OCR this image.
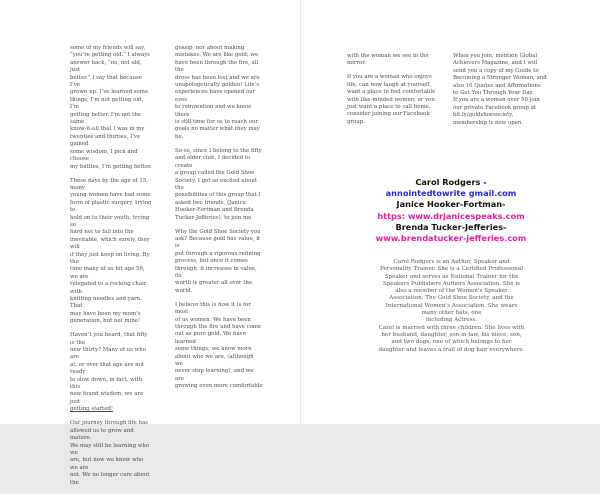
some of my friends will say,
“you’re getting old.” I always
answer back, “no, not old, just
better.” I say that because I’ve
grown up. I’ve learned some
things, I’m not getting old, I’m
getting better. I’m not the same
know-it-all that I was in my
twenties and thirties, I’ve gained
some wisdom, I pick and choose
my battles, I’m getting better.

These days by the age of 15, many
young women have had some
form of plastic surgery, trying to
hold on to their youth, trying so
hard not to fall into the
inevitable, which surely, they will
if they just keep on living. By the
time many of us hit age 50, we are
relegated to a rocking chair with
knitting needles and yarn. That
may have been my mom’s
generation, but not mine!

Haven’t you heard, that fifty is the
new thirty? Many of us who are
at, or over that age are not ready
to slow down, in fact, with this
new found wisdom, we are just
getting started!

Our journey through life has
allowed us to grow and mature.
We may still be learning who we
are, but now we know who we are
not. We no longer care about the

gossip, nor about making
mistakes. We are like gold; we
have been through the fire, all the
dross has been lost and we are
unapologetically golden! Life’s
experiences have opened our eyes
to reinvention and we know there
is still time for us to reach our
goals no matter what they may
be.

So-so, since I belong to the fifty
and older club, I decided to create
a group called the Gold Shoe
Society. I got so excited about the
possibilities of this group that I
asked two friends, (Janice
Hooker-Fortman and Brenda
Tucker-Jefferies), to join me.

Why the Gold Shoe Society you
ask? Because gold has value, it is
put through a rigorous refining
process, but once it comes
through, it increases in value, its
worth is greater all over the
world.

I believe this is how it is for most
of us women. We have been
through the fire and have come
out as pure gold. We have learned
some things; we know more
about who we are, (although we
never stop learning), and we are
growing even more comfortable

with the woman we see in the
mirror.

If you are a woman who enjoys
life, can now laugh at yourself,
want a place to feel comfortable
with like-minded women, or you
just want a place to call home,
consider joining our Facebook
group.

When you join, mention Global
Achievers Magazine, and I will
send you a copy of my Guide to
Becoming a Stronger Woman, and
also 10 Quotes and Affirmations
to Get You Through Your Day.
If you are a woman over 50 join
our private Facebook group at
bit.ly/goldshoesociety,
membership is now open.

Carol Rodgers -
annointedtowrite gmail.com
Janice Hooker-Fortman-
https: www.drjanicespeaks.com
Brenda Tucker-Jefferies-
www.brendatucker-jefferies.com
Carol Rodgers is an Author, Speaker and
Personality Trainer. She is a Certified Professional
Speaker and serves as National Trainer for the
Speakers Publishers Authors Association. She is
also a member of the Women’s Speaker
Association, The Gold Shoe Society, and the
International Women’s Association. She wears
many other hats, one
including Actress.
Carol is married with three children. She lives with
her husband, daughter, son-in-law, his niece, son,
and two dogs, one of which belongs to her
daughter and leaves a trail of dog hair everywhere.
